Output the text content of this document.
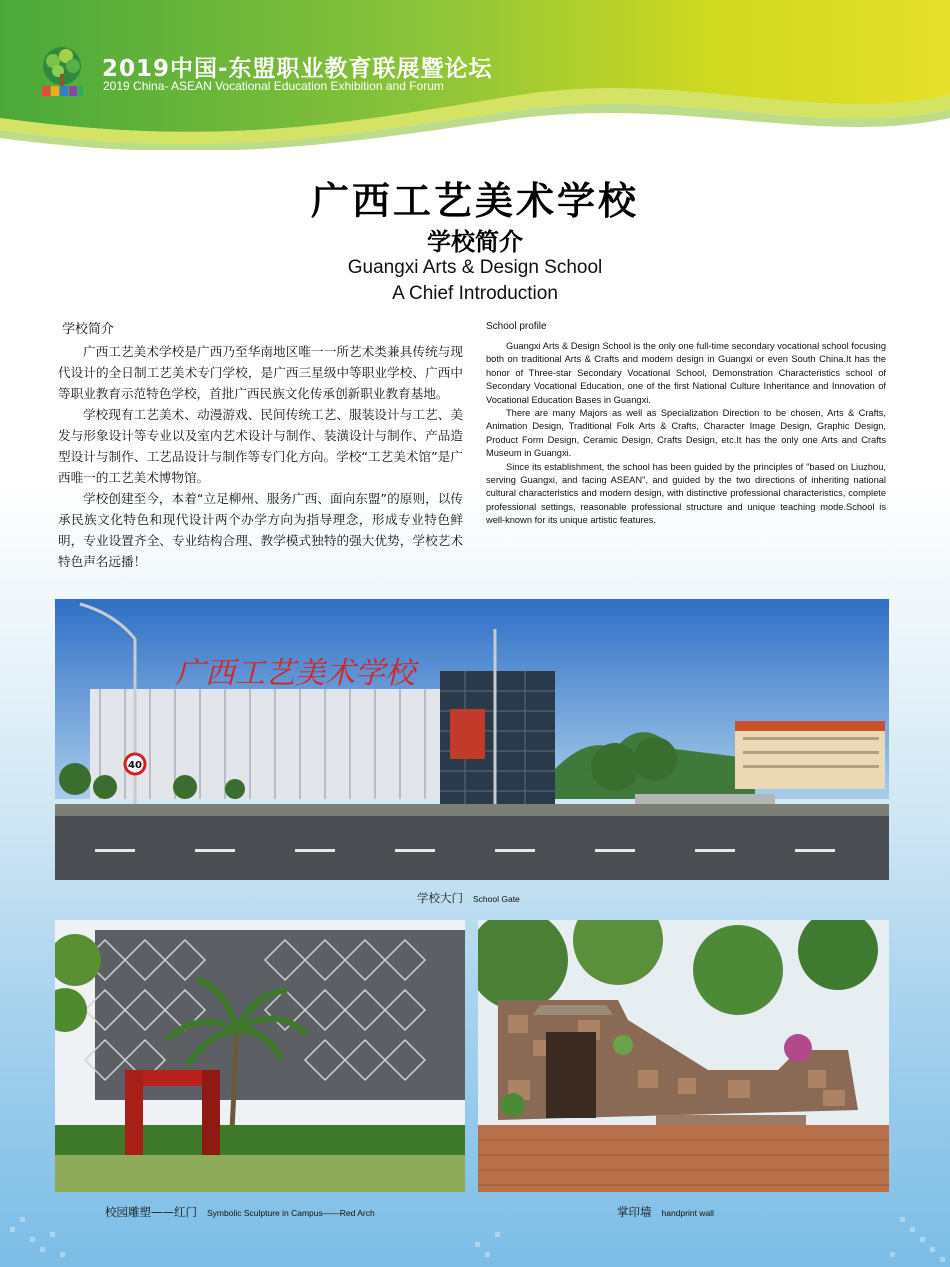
2019中国-东盟职业教育联展暨论坛
2019 China- ASEAN Vocational Education Exhibition and Forum
广西工艺美术学校
学校简介
Guangxi Arts & Design School
A Chief Introduction
学校简介

广西工艺美术学校是广西乃至华南地区唯一一所艺术类兼具传统与现代设计的全日制工艺美术专门学校，是广西三星级中等职业学校、广西中等职业教育示范特色学校，首批广西民族文化传承创新职业教育基地。

学校现有工艺美术、动漫游戏、民间传统工艺、服装设计与工艺、美发与形象设计等专业以及室内艺术设计与制作、装潢设计与制作、产品造型设计与制作、工艺品设计与制作等专门化方向。学校“工艺美术馆”是广西唯一的工艺美术博物馆。

学校创建至今，本着“立足柳州、服务广西、面向东盟”的原则，以传承民族文化特色和现代设计两个办学方向为指导理念，形成专业特色鲜明，专业设置齐全、专业结构合理、教学模式独特的强大优势，学校艺术特色声名远播！

School profile

Guangxi Arts & Design School is the only one full-time secondary vocational school focusing both on traditional Arts & Crafts and modern design in Guangxi or even South China.It has the honor of Three-star Secondary Vocational School, Demonstration Characteristics school of Secondary Vocational Education, one of the first National Culture Inheritance and Innovation of Vocational Education Bases in Guangxi.

There are many Majors as well as Specialization Direction to be chosen, Arts & Crafts, Animation Design, Traditional Folk Arts & Crafts, Character Image Design, Graphic Design, Product Form Design, Ceramic Design, Crafts Design, etc.It has the only one Arts and Crafts Museum in Guangxi.

Since its establishment, the school has been guided by the principles of "based on Liuzhou, serving Guangxi, and facing ASEAN", and guided by the two directions of inheriting national cultural characteristics and modern design, with distinctive professional characteristics, complete professional settings, reasonable professional structure and unique teaching mode.School is well-known for its unique artistic features.

广西工艺美术学校
40
学校大门 School Gate
校园雕塑——红门 Symbolic Sculpture in Campus——Red Arch	掌印墙 handprint wall
